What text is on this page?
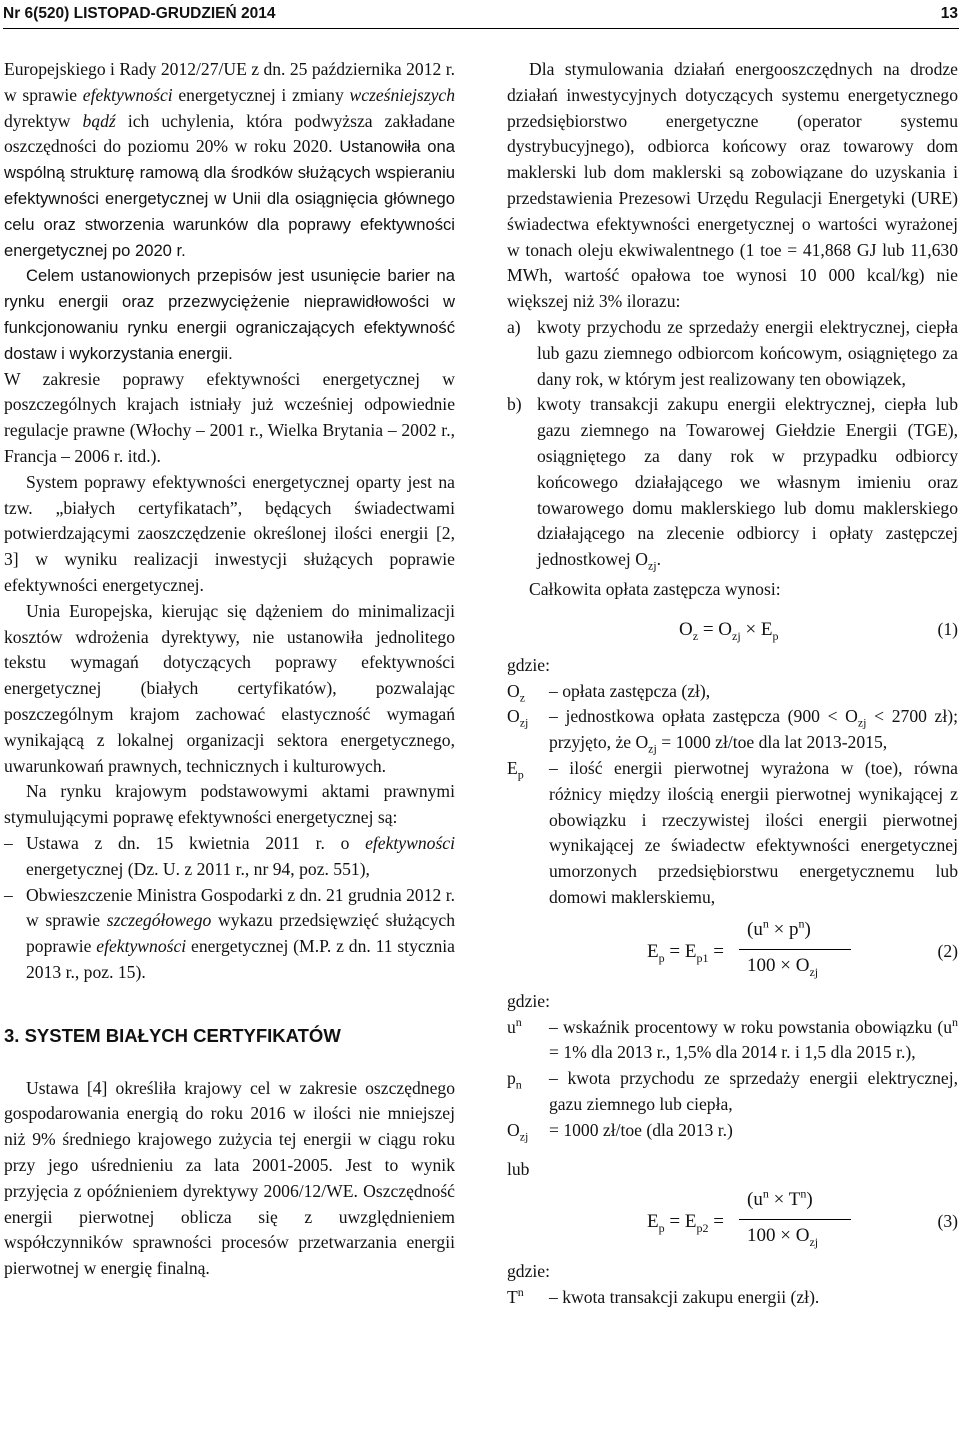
Nr 6(520) LISTOPAD-GRUDZIEŃ 2014	13

Europejskiego i Rady 2012/27/UE z dn. 25 października 2012 r. w sprawie efektywności energetycznej i zmiany wcześniejszych dyrektyw bądź ich uchylenia, która podwyższa zakładane oszczędności do poziomu 20% w roku 2020. Ustanowiła ona wspólną strukturę ramową dla środków służących wspieraniu efektywności energetycznej w Unii dla osiągnięcia głównego celu oraz stworzenia warunków dla poprawy efektywności energetycznej po 2020 r.

Celem ustanowionych przepisów jest usunięcie barier na rynku energii oraz przezwyciężenie nieprawidłowości w funkcjonowaniu rynku energii ograniczających efektywność dostaw i wykorzystania energii.

W zakresie poprawy efektywności energetycznej w poszczególnych krajach istniały już wcześniej odpowiednie regulacje prawne (Włochy – 2001 r., Wielka Brytania – 2002 r., Francja – 2006 r. itd.).

System poprawy efektywności energetycznej oparty jest na tzw. „białych certyfikatach”, będących świadectwami potwierdzającymi zaoszczędzenie określonej ilości energii [2, 3] w wyniku realizacji inwestycji służących poprawie efektywności energetycznej.

Unia Europejska, kierując się dążeniem do minimalizacji kosztów wdrożenia dyrektywy, nie ustanowiła jednolitego tekstu wymagań dotyczących poprawy efektywności energetycznej (białych certyfikatów), pozwalając poszczególnym krajom zachować elastyczność wymagań wynikającą z lokalnej organizacji sektora energetycznego, uwarunkowań prawnych, technicznych i kulturowych.

Na rynku krajowym podstawowymi aktami prawnymi stymulującymi poprawę efektywności energetycznej są:

– Ustawa z dn. 15 kwietnia 2011 r. o efektywności energetycznej (Dz. U. z 2011 r., nr 94, poz. 551),
– Obwieszczenie Ministra Gospodarki z dn. 21 grudnia 2012 r. w sprawie szczegółowego wykazu przedsięwzięć służących poprawie efektywności energetycznej (M.P. z dn. 11 stycznia 2013 r., poz. 15).
3. SYSTEM BIAŁYCH CERTYFIKATÓW

Ustawa [4] określiła krajowy cel w zakresie oszczędnego gospodarowania energią do roku 2016 w ilości nie mniejszej niż 9% średniego krajowego zużycia tej energii w ciągu roku przy jego uśrednieniu za lata 2001-2005. Jest to wynik przyjęcia z opóźnieniem dyrektywy 2006/12/WE. Oszczędność energii pierwotnej oblicza się z uwzględnieniem współczynników sprawności procesów przetwarzania energii pierwotnej w energię finalną.

Dla stymulowania działań energooszczędnych na drodze działań inwestycyjnych dotyczących systemu energetycznego przedsiębiorstwo energetyczne (operator systemu dystrybucyjnego), odbiorca końcowy oraz towarowy dom maklerski lub dom maklerski są zobowiązane do uzyskania i przedstawienia Prezesowi Urzędu Regulacji Energetyki (URE) świadectwa efektywności energetycznej o wartości wyrażonej w tonach oleju ekwiwalentnego (1 toe = 41,868 GJ lub 11,630 MWh, wartość opałowa toe wynosi 10 000 kcal/kg) nie większej niż 3% ilorazu:

a) kwoty przychodu ze sprzedaży energii elektrycznej, ciepła lub gazu ziemnego odbiorcom końcowym, osiągniętego za dany rok, w którym jest realizowany ten obowiązek,
b) kwoty transakcji zakupu energii elektrycznej, ciepła lub gazu ziemnego na Towarowej Giełdzie Energii (TGE), osiągniętego za dany rok w przypadku odbiorcy końcowego działającego we własnym imieniu oraz towarowego domu maklerskiego lub domu maklerskiego działającego na zlecenie odbiorcy i opłaty zastępczej jednostkowej $O_{zj}$.

Całkowita opłata zastępcza wynosi:

$O_z = O_{zj} \times E_p$	(1)

gdzie:

$O_z$ – opłata zastępcza (zł),
$O_{zj}$ – jednostkowa opłata zastępcza ($900 < O_{zj} < 2700$ zł); przyjęto, że $O_{zj} = 1000$ zł/toe dla lat 2013-2015,
$E_p$ – ilość energii pierwotnej wyrażona w (toe), równa różnicy między ilością energii pierwotnej wynikającej z obowiązku i rzeczywistej ilości energii pierwotnej wynikającej ze świadectw efektywności energetycznej umorzonych przedsiębiorstwu energetycznemu lub domowi maklerskiemu,
$E_p = E_{p1}$ =
$(u^n \times p^n)$
$100 \times O_{zj}$
(2)

gdzie:

$u^n$ – wskaźnik procentowy w roku powstania obowiązku ($u^n = 1\%$ dla 2013 r., 1,5% dla 2014 r. i 1,5 dla 2015 r.),
$p_n$ – kwota przychodu ze sprzedaży energii elektrycznej, gazu ziemnego lub ciepła,
$O_{zj} = 1000$ zł/toe (dla 2013 r.)

lub

$E_p = E_{p2}$ =
$(u^n \times T^n)$
$100 \times O_{zj}$
(3)

gdzie:

$T^n$ – kwota transakcji zakupu energii (zł).
